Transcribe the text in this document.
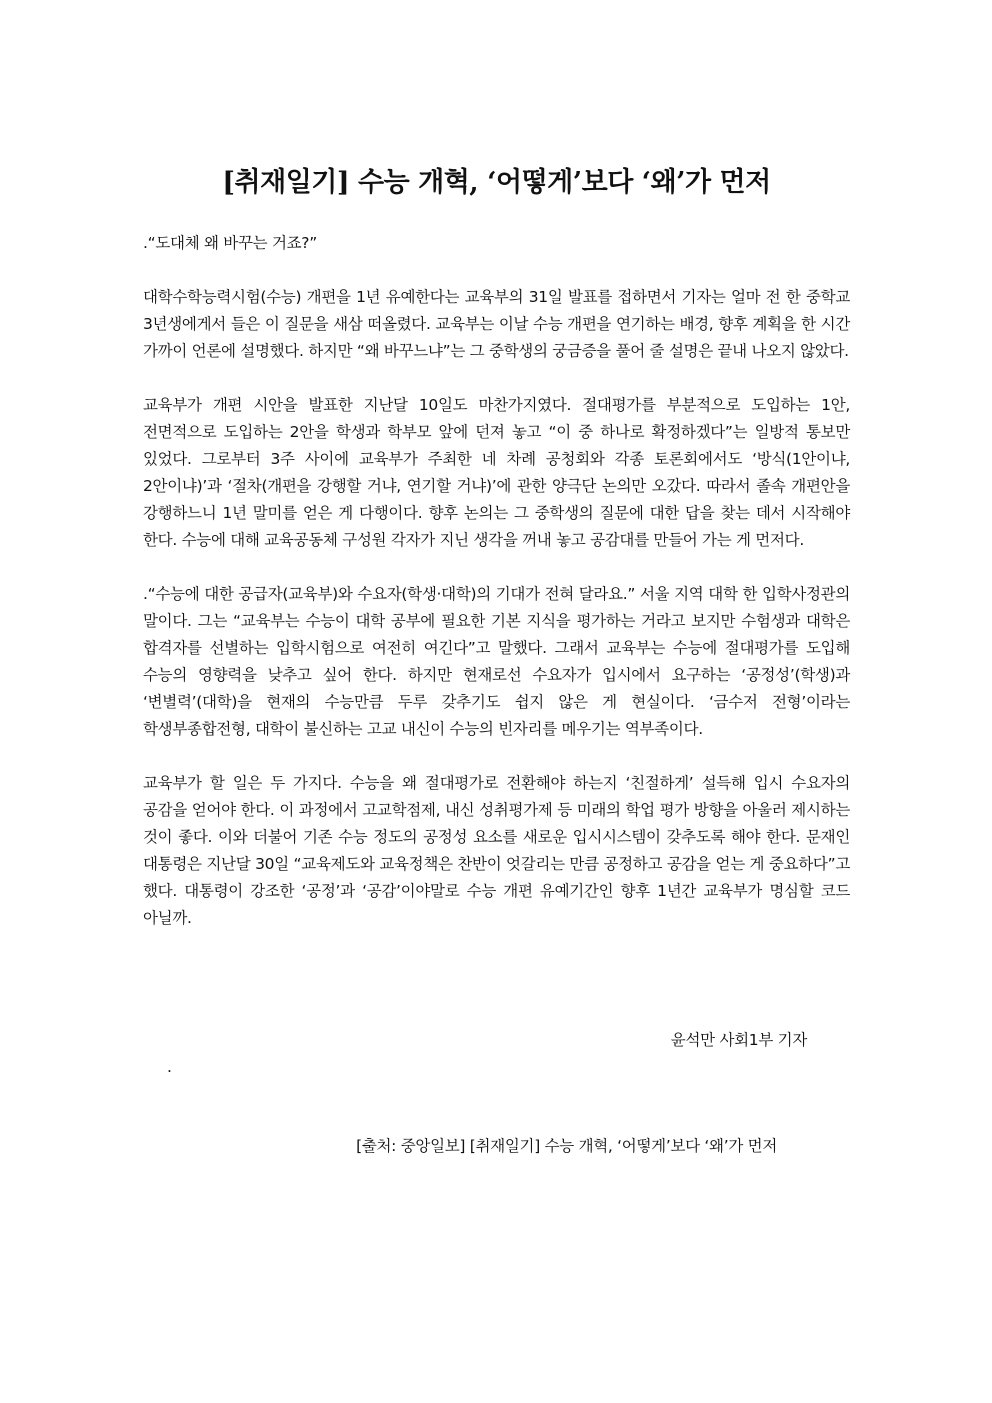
[취재일기] 수능 개혁, ‘어떻게’보다 ‘왜’가 먼저

.“도대체 왜 바꾸는 거죠?”

대학수학능력시험(수능) 개편을 1년 유예한다는 교육부의 31일 발표를 접하면서 기자는 얼마 전 한 중학교 3년생에게서 들은 이 질문을 새삼 떠올렸다. 교육부는 이날 수능 개편을 연기하는 배경, 향후 계획을 한 시간 가까이 언론에 설명했다. 하지만 “왜 바꾸느냐”는 그 중학생의 궁금증을 풀어 줄 설명은 끝내 나오지 않았다.

교육부가 개편 시안을 발표한 지난달 10일도 마찬가지였다. 절대평가를 부분적으로 도입하는 1안, 전면적으로 도입하는 2안을 학생과 학부모 앞에 던져 놓고 “이 중 하나로 확정하겠다”는 일방적 통보만 있었다. 그로부터 3주 사이에 교육부가 주최한 네 차례 공청회와 각종 토론회에서도 ‘방식(1안이냐, 2안이냐)’과 ‘절차(개편을 강행할 거냐, 연기할 거냐)’에 관한 양극단 논의만 오갔다. 따라서 졸속 개편안을 강행하느니 1년 말미를 얻은 게 다행이다. 향후 논의는 그 중학생의 질문에 대한 답을 찾는 데서 시작해야 한다. 수능에 대해 교육공동체 구성원 각자가 지닌 생각을 꺼내 놓고 공감대를 만들어 가는 게 먼저다.

.“수능에 대한 공급자(교육부)와 수요자(학생·대학)의 기대가 전혀 달라요.” 서울 지역 대학 한 입학사정관의 말이다. 그는 “교육부는 수능이 대학 공부에 필요한 기본 지식을 평가하는 거라고 보지만 수험생과 대학은 합격자를 선별하는 입학시험으로 여전히 여긴다”고 말했다. 그래서 교육부는 수능에 절대평가를 도입해 수능의 영향력을 낮추고 싶어 한다. 하지만 현재로선 수요자가 입시에서 요구하는 ‘공정성’(학생)과 ‘변별력’(대학)을 현재의 수능만큼 두루 갖추기도 쉽지 않은 게 현실이다. ‘금수저 전형’이라는 학생부종합전형, 대학이 불신하는 고교 내신이 수능의 빈자리를 메우기는 역부족이다.

교육부가 할 일은 두 가지다. 수능을 왜 절대평가로 전환해야 하는지 ‘친절하게’ 설득해 입시 수요자의 공감을 얻어야 한다. 이 과정에서 고교학점제, 내신 성취평가제 등 미래의 학업 평가 방향을 아울러 제시하는 것이 좋다. 이와 더불어 기존 수능 정도의 공정성 요소를 새로운 입시시스템이 갖추도록 해야 한다. 문재인 대통령은 지난달 30일 “교육제도와 교육정책은 찬반이 엇갈리는 만큼 공정하고 공감을 얻는 게 중요하다”고 했다. 대통령이 강조한 ‘공정’과 ‘공감’이야말로 수능 개편 유예기간인 향후 1년간 교육부가 명심할 코드 아닐까.

윤석만 사회1부 기자
.
[출처: 중앙일보] [취재일기] 수능 개혁, ‘어떻게’보다 ‘왜’가 먼저
